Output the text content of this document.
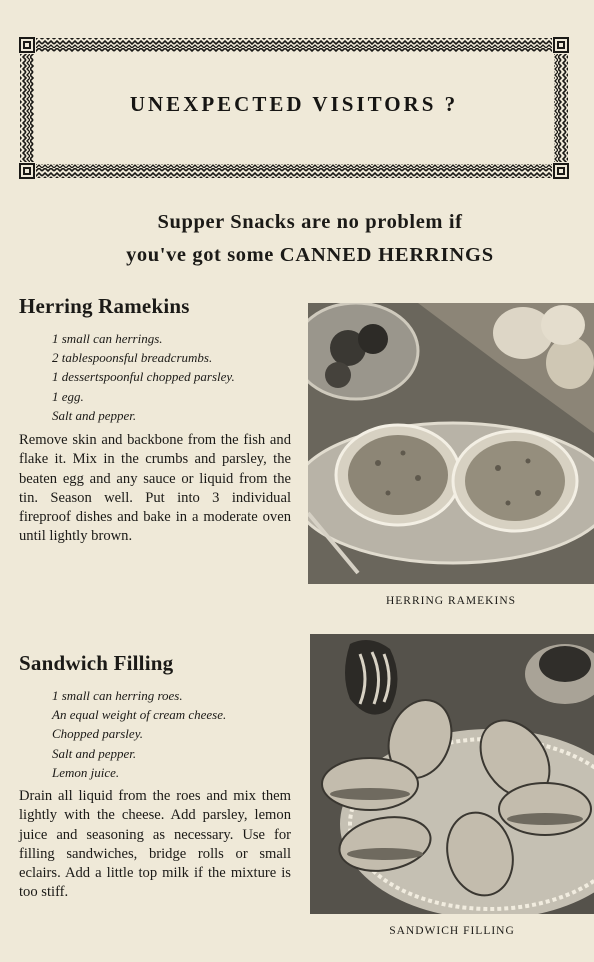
UNEXPECTED VISITORS ?
Supper Snacks are no problem if
you've got some CANNED HERRINGS
Herring Ramekins
1 small can herrings.
2 tablespoonsful breadcrumbs.
1 dessertspoonful chopped parsley.
1 egg.
Salt and pepper.

Remove skin and backbone from the fish and flake it. Mix in the crumbs and parsley, the beaten egg and any sauce or liquid from the tin. Season well. Put into 3 individual fireproof dishes and bake in a moderate oven until lightly brown.

HERRING RAMEKINS
Sandwich Filling
1 small can herring roes.
An equal weight of cream cheese.
Chopped parsley.
Salt and pepper.
Lemon juice.

Drain all liquid from the roes and mix them lightly with the cheese. Add parsley, lemon juice and seasoning as necessary. Use for filling sandwiches, bridge rolls or small eclairs. Add a little top milk if the mixture is too stiff.

SANDWICH FILLING
